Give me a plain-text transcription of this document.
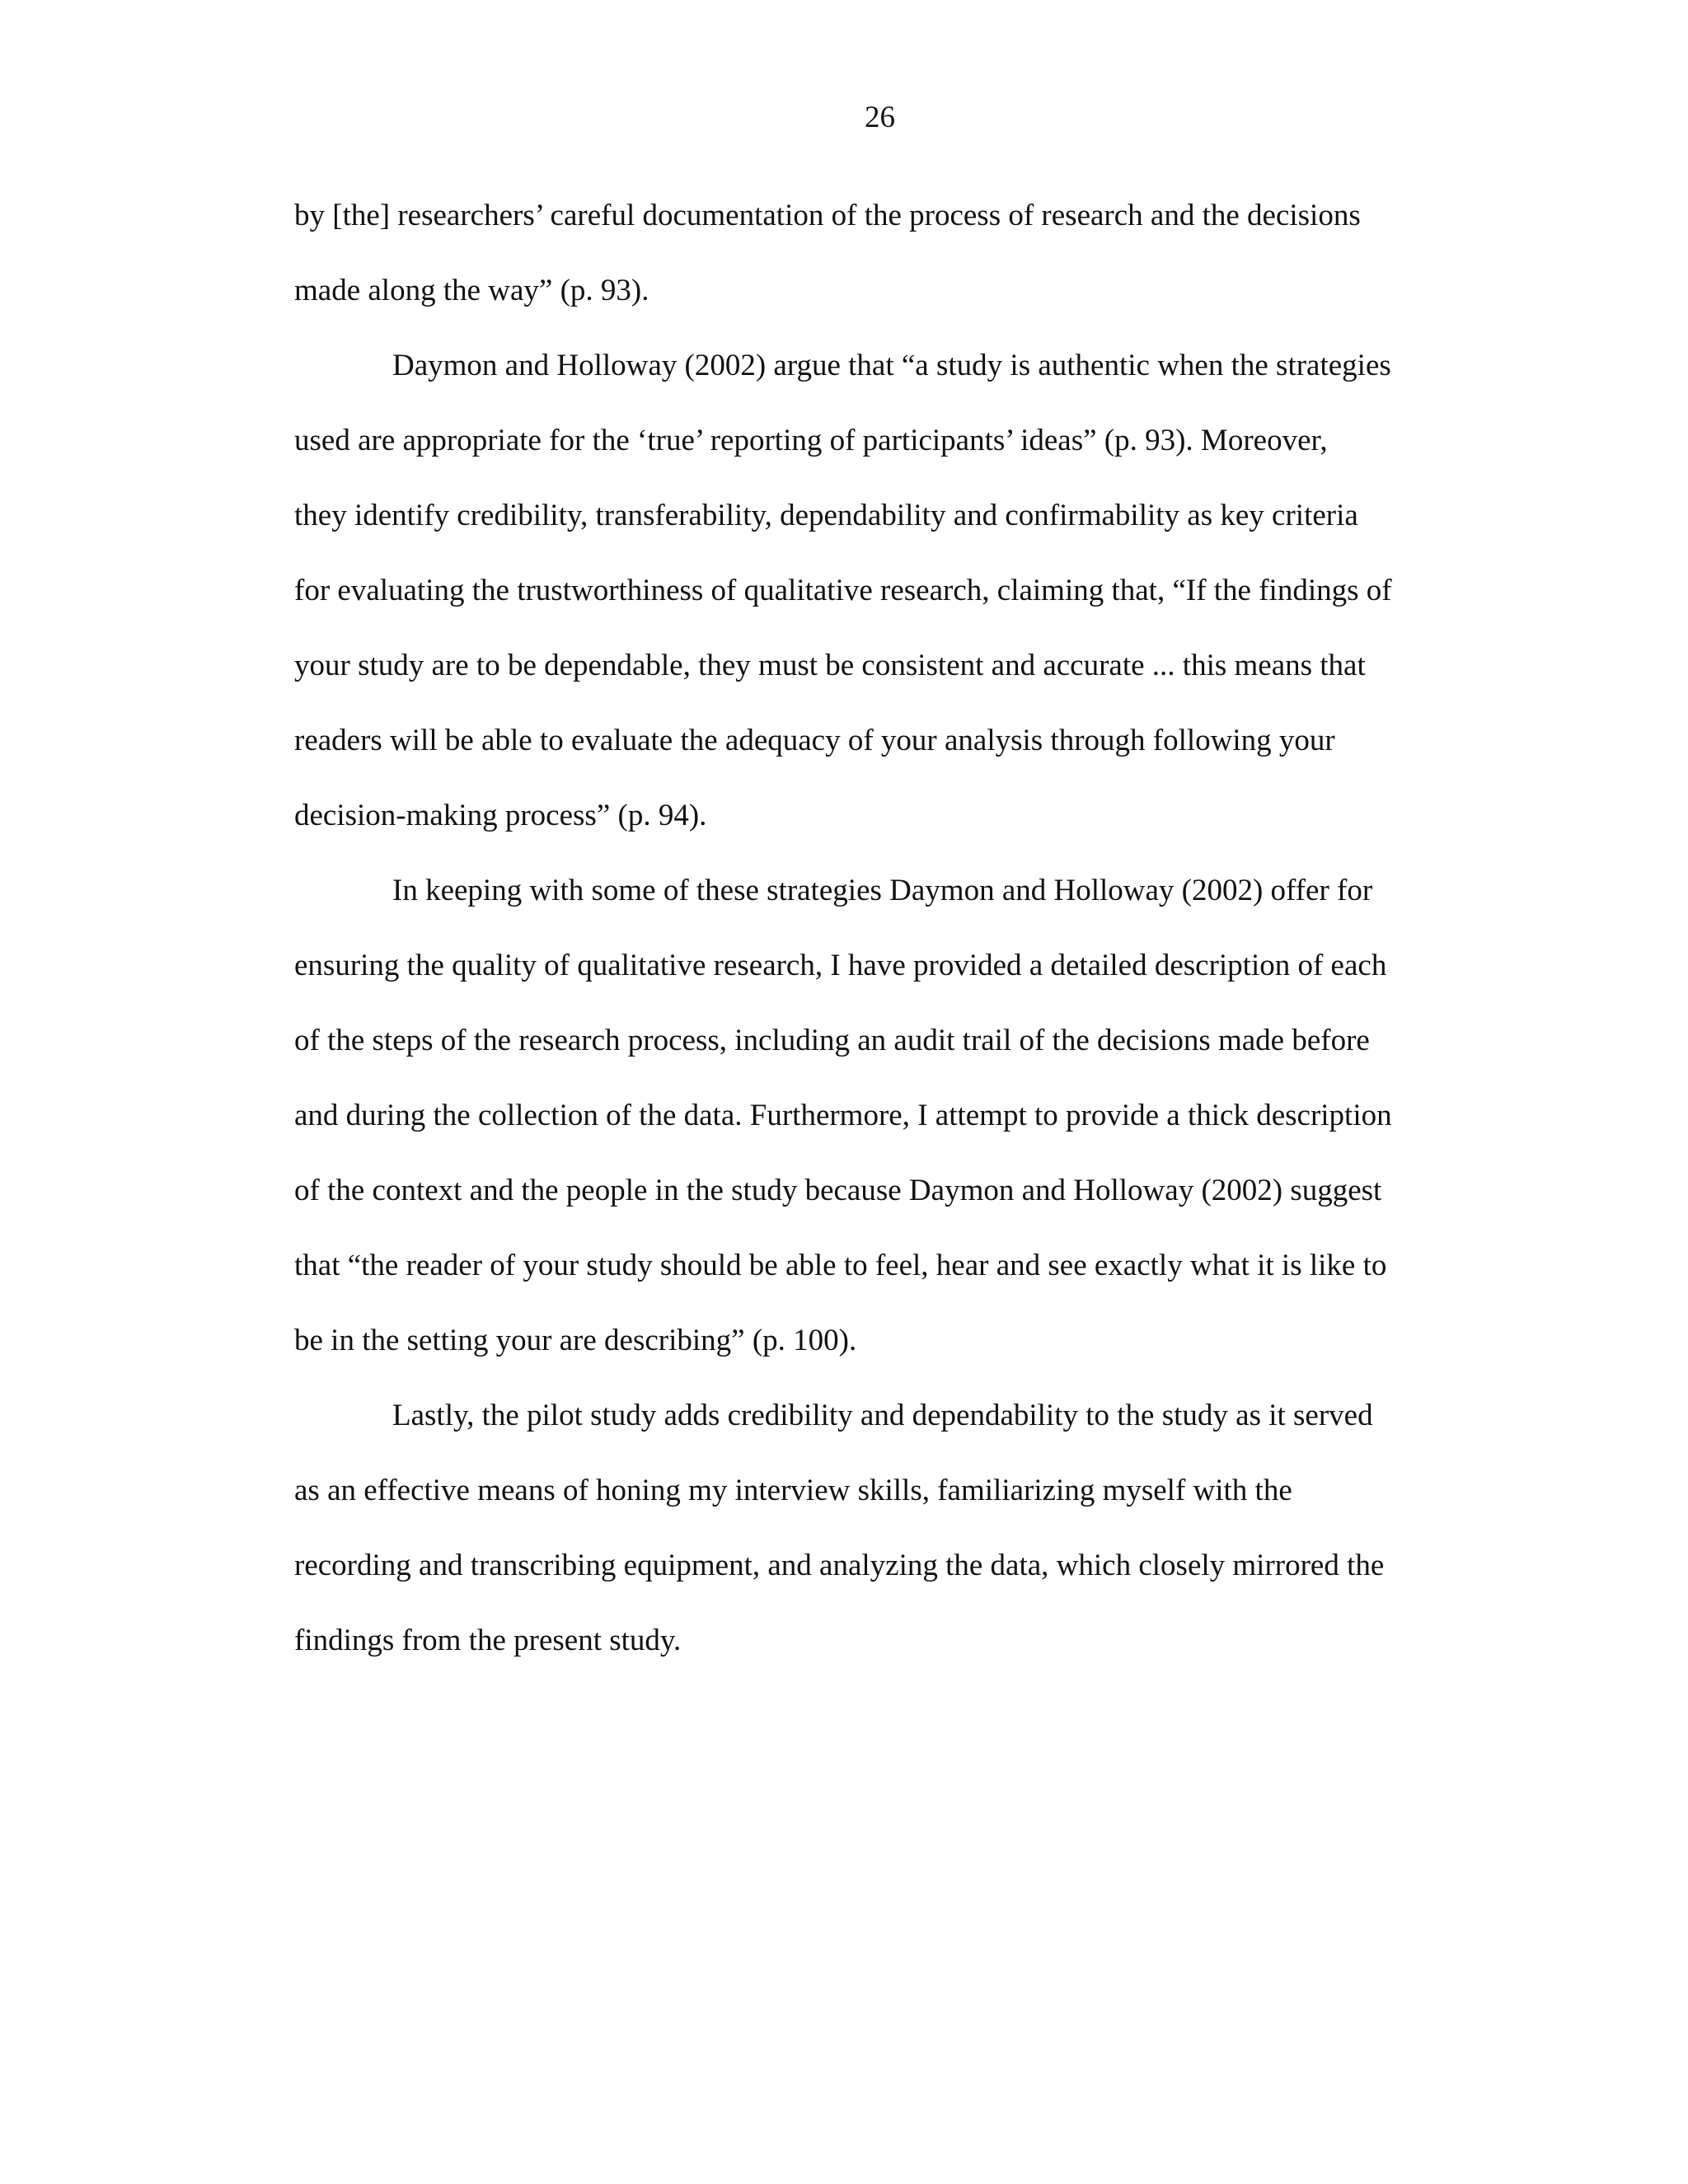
26

by [the] researchers’ careful documentation of the process of research and the decisions

made along the way” (p. 93).

Daymon and Holloway (2002) argue that “a study is authentic when the strategies

used are appropriate for the ‘true’ reporting of participants’ ideas” (p. 93). Moreover,

they identify credibility, transferability, dependability and confirmability as key criteria

for evaluating the trustworthiness of qualitative research, claiming that, “If the findings of

your study are to be dependable, they must be consistent and accurate ... this means that

readers will be able to evaluate the adequacy of your analysis through following your

decision-making process” (p. 94).

In keeping with some of these strategies Daymon and Holloway (2002) offer for

ensuring the quality of qualitative research, I have provided a detailed description of each

of the steps of the research process, including an audit trail of the decisions made before

and during the collection of the data. Furthermore, I attempt to provide a thick description

of the context and the people in the study because Daymon and Holloway (2002) suggest

that “the reader of your study should be able to feel, hear and see exactly what it is like to

be in the setting your are describing” (p. 100).

Lastly, the pilot study adds credibility and dependability to the study as it served

as an effective means of honing my interview skills, familiarizing myself with the

recording and transcribing equipment, and analyzing the data, which closely mirrored the

findings from the present study.
